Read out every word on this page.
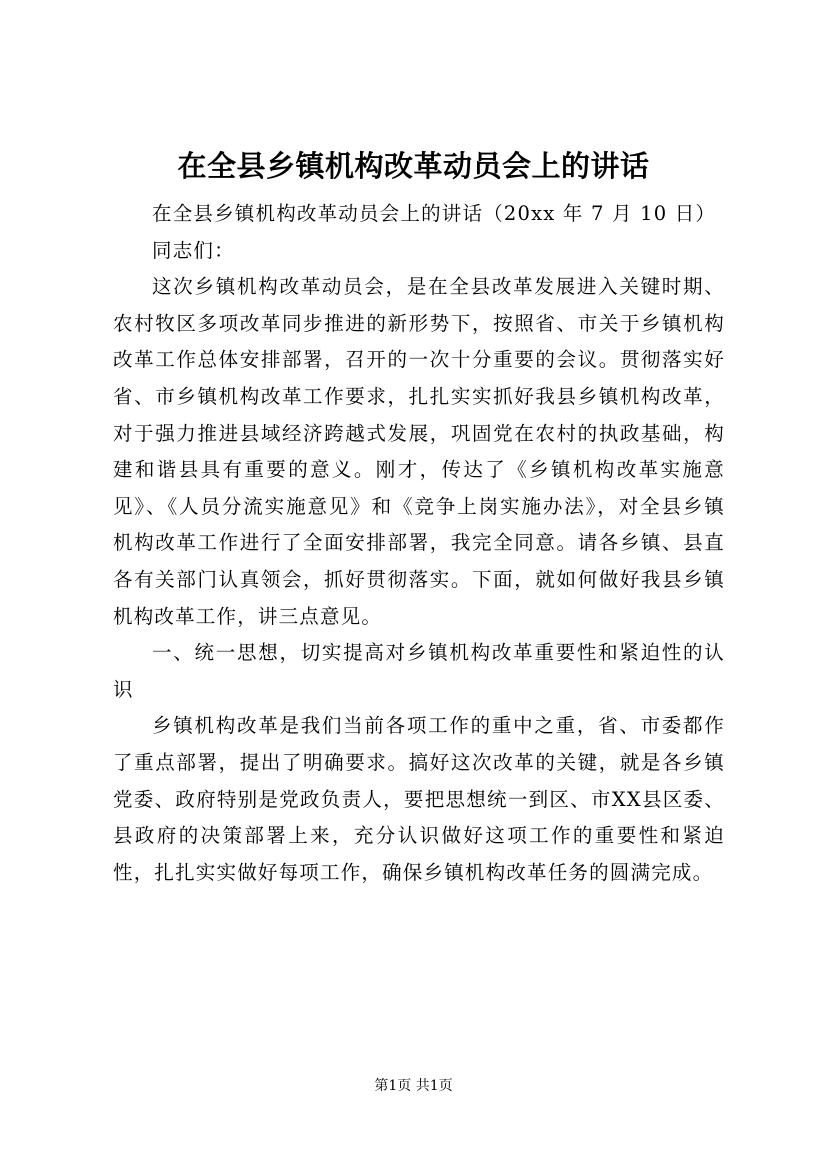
在全县乡镇机构改革动员会上的讲话

在全县乡镇机构改革动员会上的讲话（20xx 年 7 月 10 日）

同志们：

这次乡镇机构改革动员会，是在全县改革发展进入关键时期、农村牧区多项改革同步推进的新形势下，按照省、市关于乡镇机构改革工作总体安排部署，召开的一次十分重要的会议。贯彻落实好省、市乡镇机构改革工作要求，扎扎实实抓好我县乡镇机构改革，对于强力推进县域经济跨越式发展，巩固党在农村的执政基础，构建和谐县具有重要的意义。刚才，传达了《乡镇机构改革实施意见》、《人员分流实施意见》和《竞争上岗实施办法》，对全县乡镇机构改革工作进行了全面安排部署，我完全同意。请各乡镇、县直各有关部门认真领会，抓好贯彻落实。下面，就如何做好我县乡镇机构改革工作，讲三点意见。

一、统一思想，切实提高对乡镇机构改革重要性和紧迫性的认识

乡镇机构改革是我们当前各项工作的重中之重，省、市委都作了重点部署，提出了明确要求。搞好这次改革的关键，就是各乡镇党委、政府特别是党政负责人，要把思想统一到区、市XX县区委、县政府的决策部署上来，充分认识做好这项工作的重要性和紧迫性，扎扎实实做好每项工作，确保乡镇机构改革任务的圆满完成。

第1页 共1页
